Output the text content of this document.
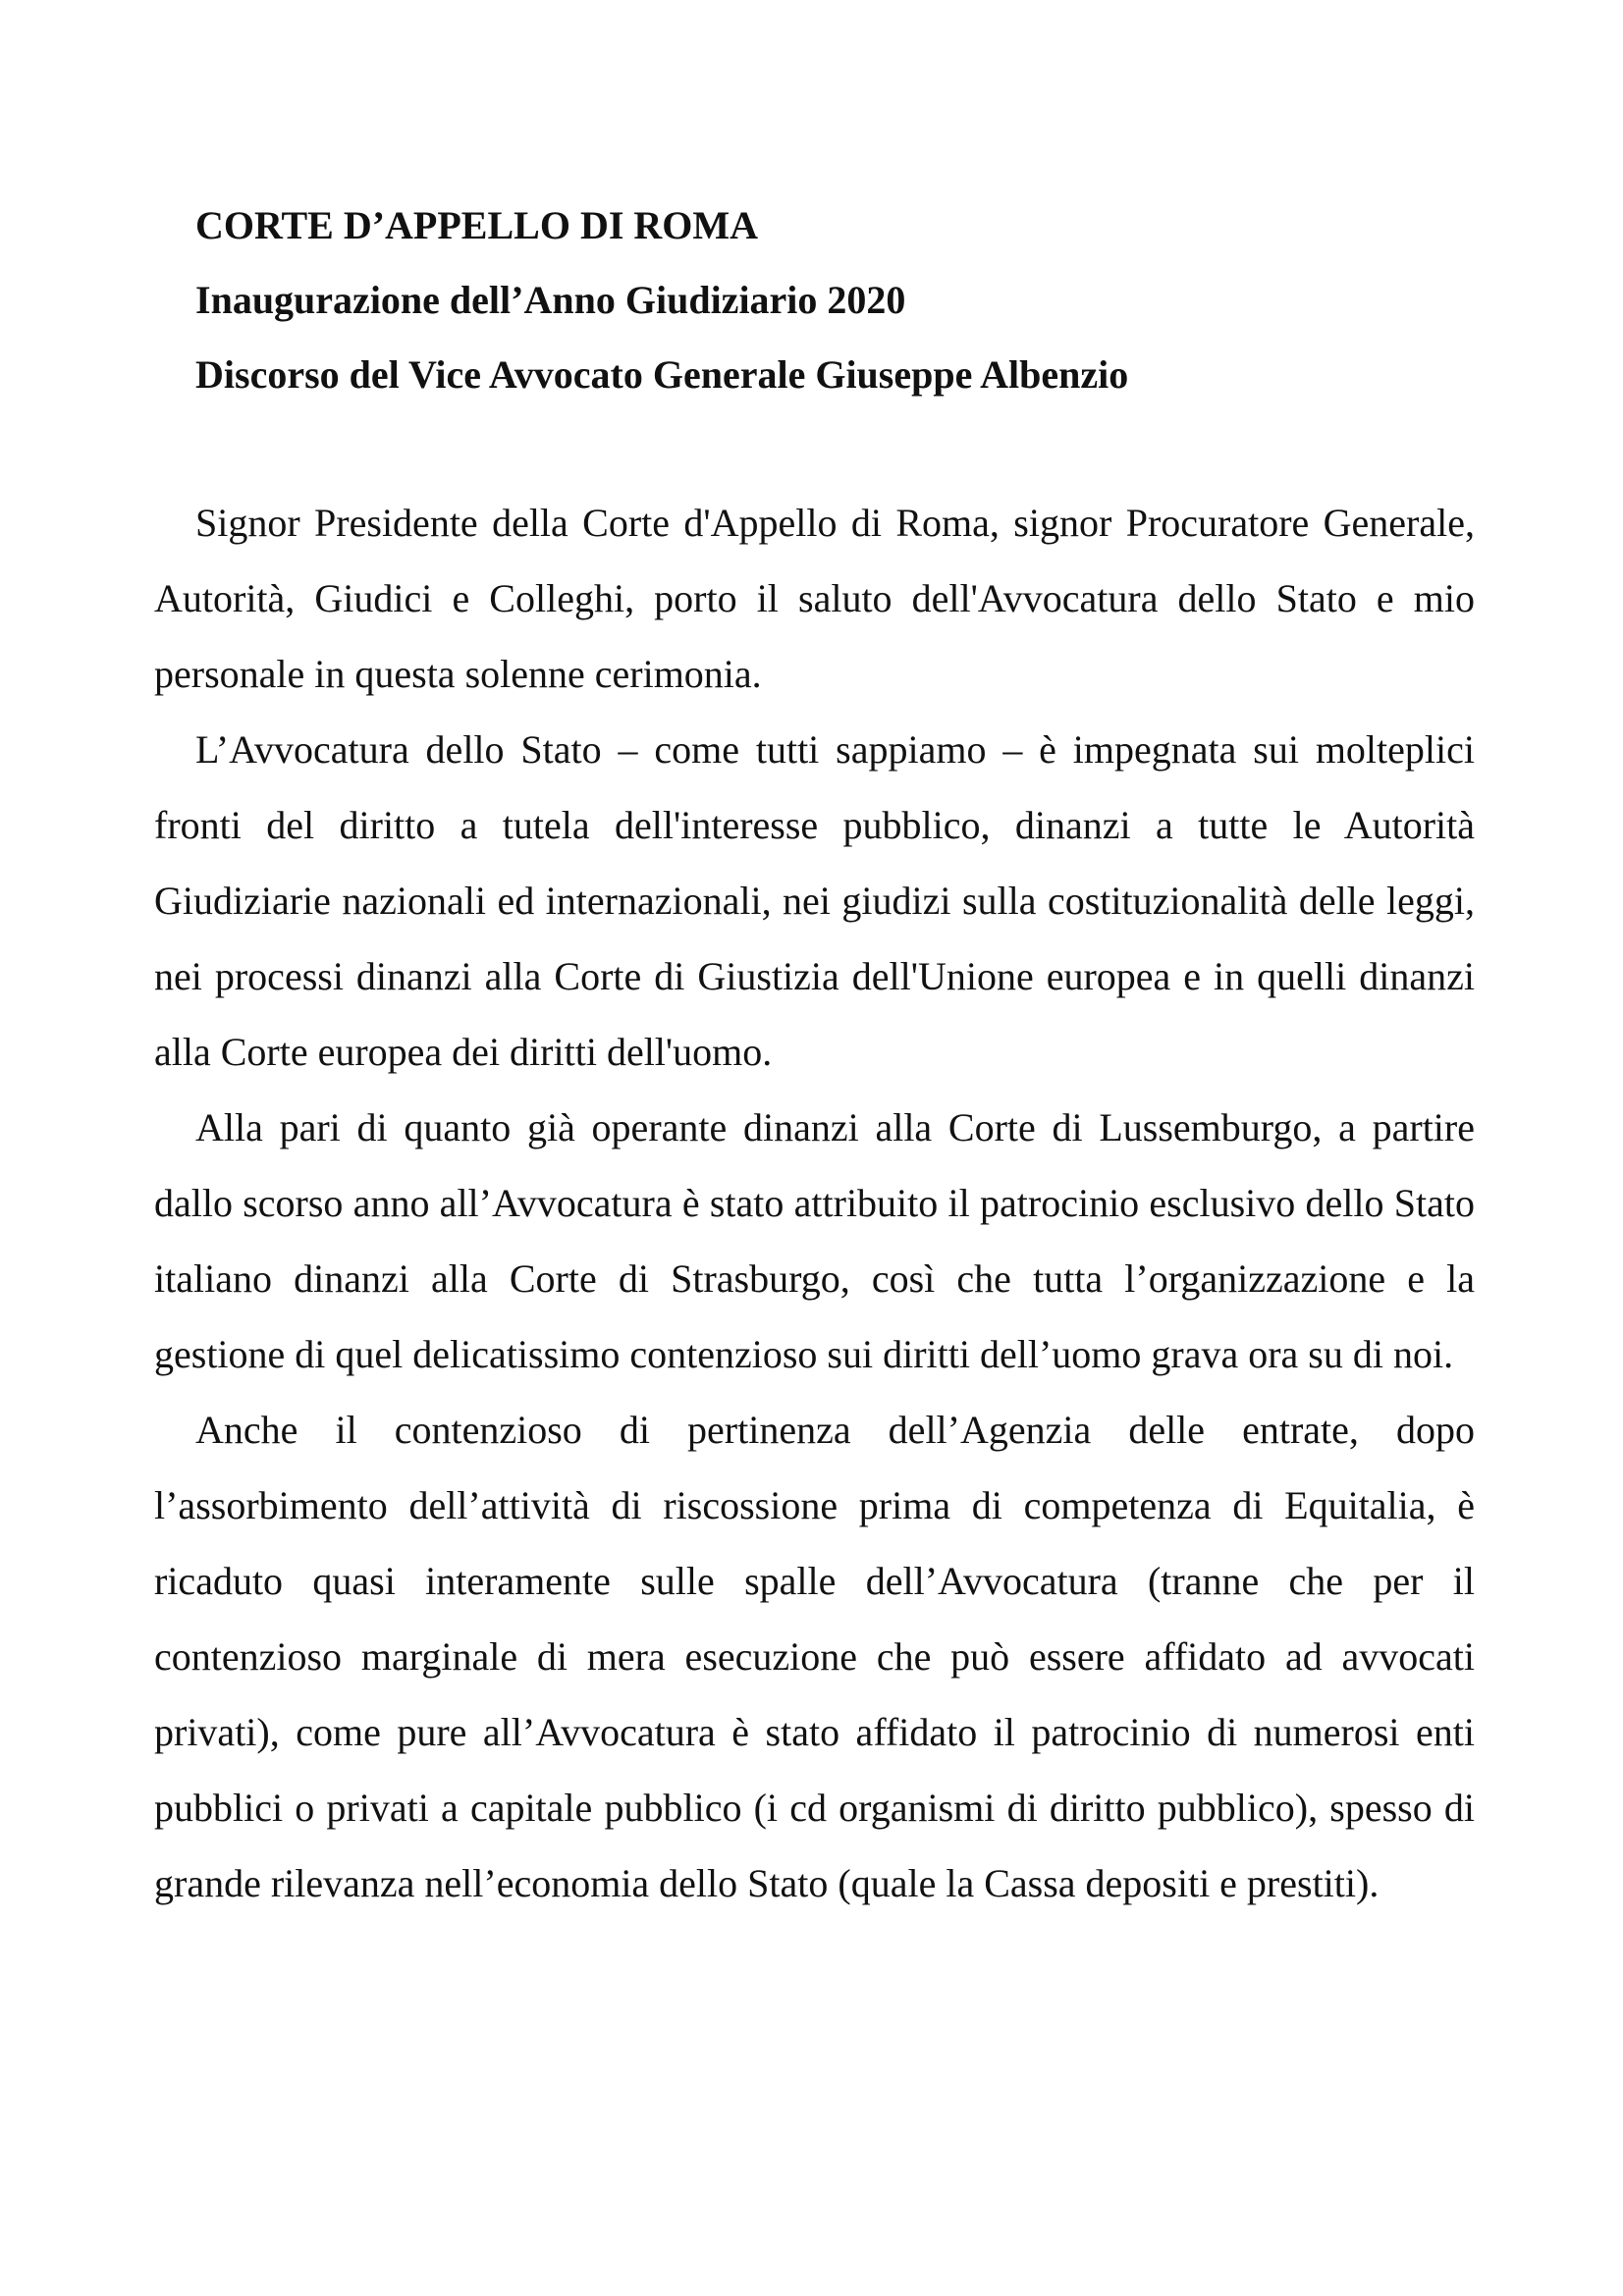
CORTE D’APPELLO DI ROMA

Inaugurazione dell’Anno Giudiziario 2020

Discorso del Vice Avvocato Generale Giuseppe Albenzio

Signor Presidente della Corte d'Appello di Roma, signor Procuratore Generale, Autorità, Giudici e Colleghi, porto il saluto dell'Avvocatura dello Stato e mio personale in questa solenne cerimonia.

L’Avvocatura dello Stato – come tutti sappiamo – è impegnata sui molteplici fronti del diritto a tutela dell'interesse pubblico, dinanzi a tutte le Autorità Giudiziarie nazionali ed internazionali, nei giudizi sulla costituzionalità delle leggi, nei processi dinanzi alla Corte di Giustizia dell'Unione europea e in quelli dinanzi alla Corte europea dei diritti dell'uomo.

Alla pari di quanto già operante dinanzi alla Corte di Lussemburgo, a partire dallo scorso anno all’Avvocatura è stato attribuito il patrocinio esclusivo dello Stato italiano dinanzi alla Corte di Strasburgo, così che tutta l’organizzazione e la gestione di quel delicatissimo contenzioso sui diritti dell’uomo grava ora su di noi.

Anche il contenzioso di pertinenza dell’Agenzia delle entrate, dopo l’assorbimento dell’attività di riscossione prima di competenza di Equitalia, è ricaduto quasi interamente sulle spalle dell’Avvocatura (tranne che per il contenzioso marginale di mera esecuzione che può essere affidato ad avvocati privati), come pure all’Avvocatura è stato affidato il patrocinio di numerosi enti pubblici o privati a capitale pubblico (i cd organismi di diritto pubblico), spesso di grande rilevanza nell’economia dello Stato (quale la Cassa depositi e prestiti).
